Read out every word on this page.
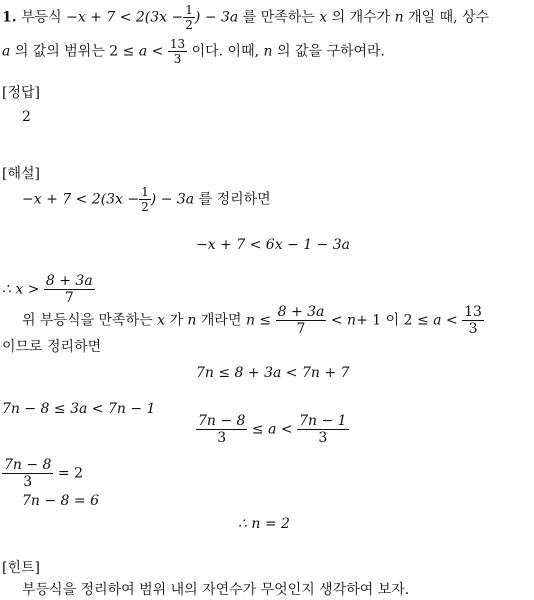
1. 부등식 $-x + 7 < 2(3x - \frac{1}{2}$ ) − 3a 를 만족하는 x 의 개수가 n 개일 때, 상수
a 의 값의 범위는 $2 \le a < \frac{13}{3}$ 이다. 이때, n 의 값을 구하여라.
[정답]
2
[해설]
$-x + 7 < 2(3x - \frac{1}{2}$ ) − 3a 를 정리하면
−x + 7 < 6x − 1 − 3a
∴ $x > \frac{8 + 3a}{7}$
위 부등식을 만족하는 x 가 n 개라면 $n \le \frac{8 + 3a}{7} < n+ 1$ 이 $2 \le a < \frac{13}{3}$
이므로 정리하면
7n ≤ 8 + 3a < 7n + 7
7n − 8 ≤ 3a < 7n − 1
$\frac{7n - 8}{3} \le a < \frac{7n - 1}{3}$
$\frac{7n - 8}{3} = 2$
7n − 8 = 6
∴ n = 2
[힌트]
부등식을 정리하여 범위 내의 자연수가 무엇인지 생각하여 보자.
